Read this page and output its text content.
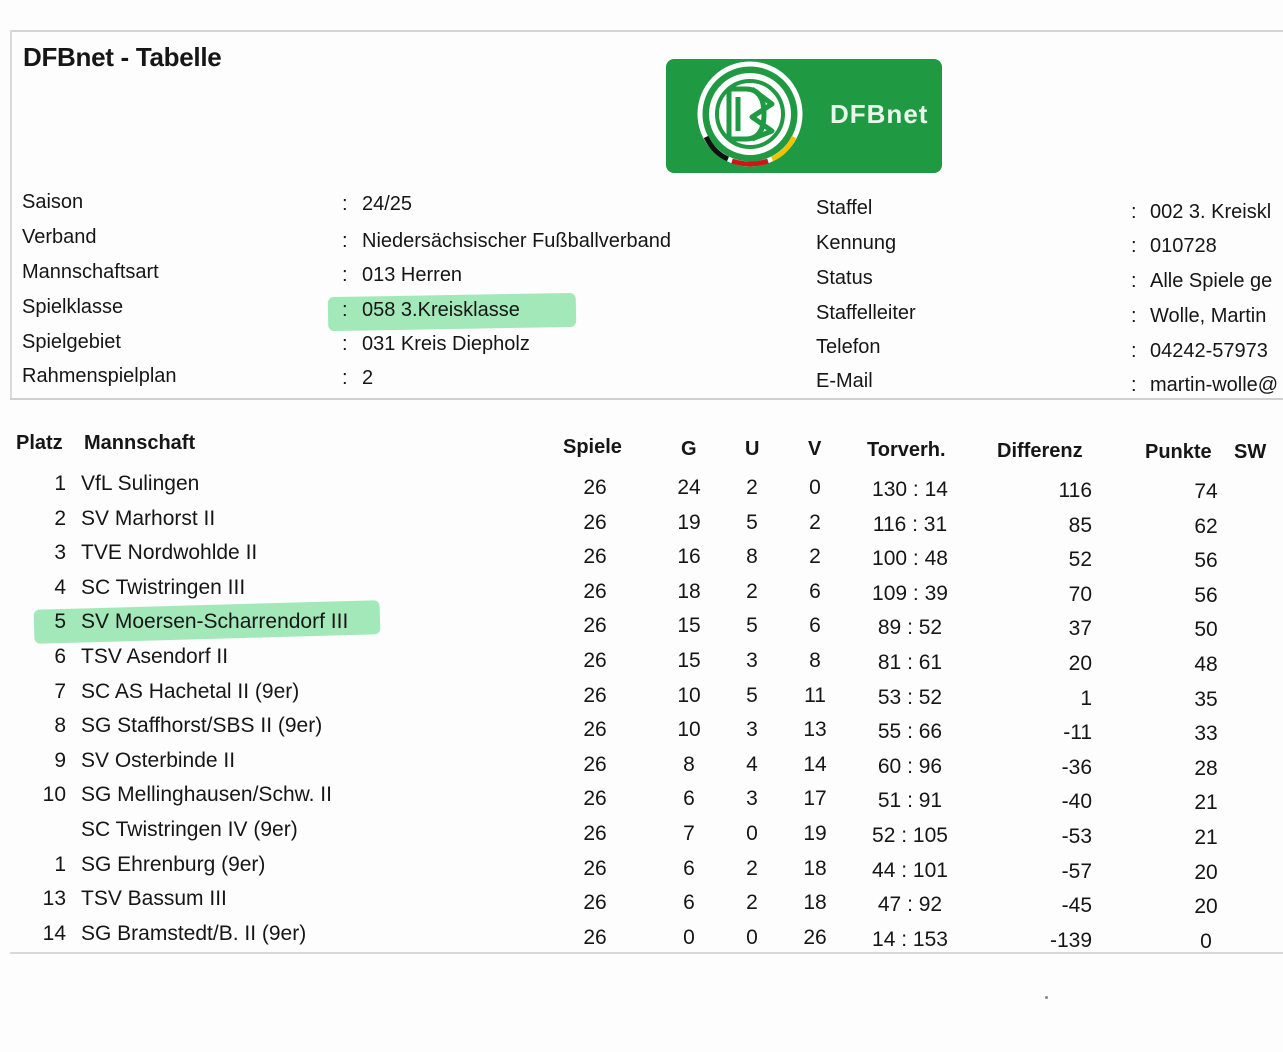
DFBnet - Tabelle
DFBnet
Saison	: 24/25
Verband	: Niedersächsischer Fußballverband
Mannschaftsart	: 013 Herren
Spielklasse	: 058 3.Kreisklasse
Spielgebiet	: 031 Kreis Diepholz
Rahmenspielplan	: 2
Staffel	: 002 3. Kreiskl
Kennung	: 010728
Status	: Alle Spiele ge
Staffelleiter	: Wolle, Martin
Telefon	: 04242-57973
E-Mail	: martin-wolle@
Platz Mannschaft	Spiele	G U V Torverh.	Differenz	Punkte SW
1 VfL Sulingen	26	24	2	0	130 : 14	116	74
2 SV Marhorst II	26	19	5	2	116 : 31	85	62
3 TVE Nordwohlde II	26	16	8	2	100 : 48	52	56
4 SC Twistringen III	26	18	2	6	109 : 39	70	56
5 SV Moersen-Scharrendorf III	26	15	5	6	89 : 52	37	50
6 TSV Asendorf II	26	15	3	8	81 : 61	20	48
7 SC AS Hachetal II (9er)	26	10	5	11	53 : 52	1	35
8 SG Staffhorst/SBS II (9er)	26	10	3	13	55 : 66	-11	33
9 SV Osterbinde II	26	8	4	14	60 : 96	-36	28
10 SG Mellinghausen/Schw. II	26	6	3	17	51 : 91	-40	21
SC Twistringen IV (9er)	26	7	0	19	52 : 105	-53	21
1 SG Ehrenburg (9er)	26	6	2	18	44 : 101	-57	20
13 TSV Bassum III	26	6	2	18	47 : 92	-45	20
14 SG Bramstedt/B. II (9er)	26	0	0	26	14 : 153	-139	0
